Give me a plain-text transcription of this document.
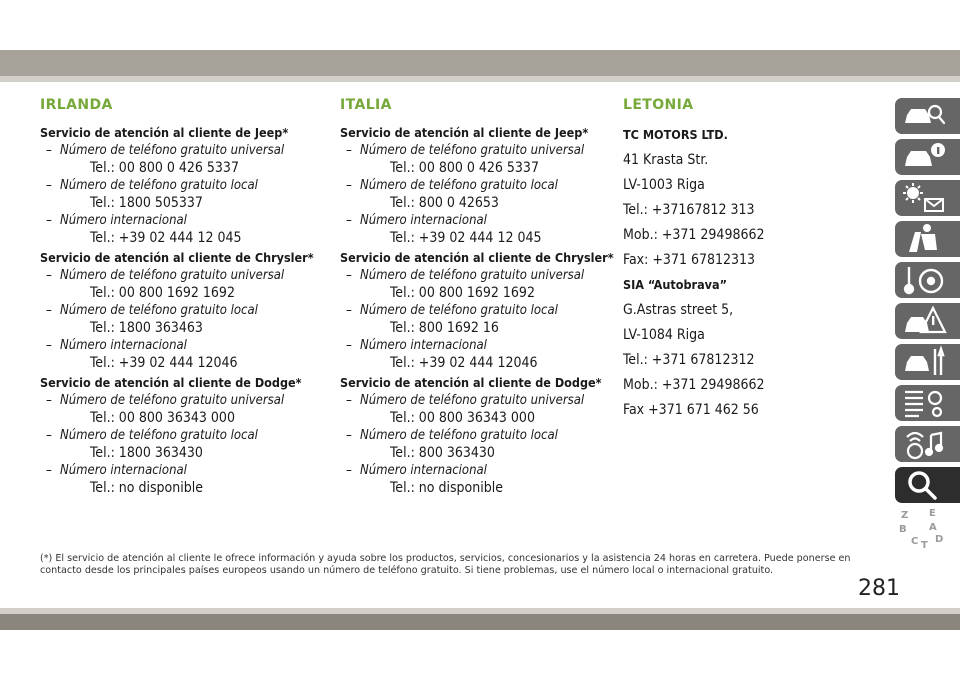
IRLANDA
Servicio de atención al cliente de Jeep*
– Número de teléfono gratuito universal
Tel.: 00 800 0 426 5337
– Número de teléfono gratuito local
Tel.: 1800 505337
– Número internacional
Tel.: +39 02 444 12 045
Servicio de atención al cliente de Chrysler*
– Número de teléfono gratuito universal
Tel.: 00 800 1692 1692
– Número de teléfono gratuito local
Tel.: 1800 363463
– Número internacional
Tel.: +39 02 444 12046
Servicio de atención al cliente de Dodge*
– Número de teléfono gratuito universal
Tel.: 00 800 36343 000
– Número de teléfono gratuito local
Tel.: 1800 363430
– Número internacional
Tel.: no disponible
ITALIA
Servicio de atención al cliente de Jeep*
– Número de teléfono gratuito universal
Tel.: 00 800 0 426 5337
– Número de teléfono gratuito local
Tel.: 800 0 42653
– Número internacional
Tel.: +39 02 444 12 045
Servicio de atención al cliente de Chrysler*
– Número de teléfono gratuito universal
Tel.: 00 800 1692 1692
– Número de teléfono gratuito local
Tel.: 800 1692 16
– Número internacional
Tel.: +39 02 444 12046
Servicio de atención al cliente de Dodge*
– Número de teléfono gratuito universal
Tel.: 00 800 36343 000
– Número de teléfono gratuito local
Tel.: 800 363430
– Número internacional
Tel.: no disponible
LETONIA
TC MOTORS LTD.
41 Krasta Str.
LV-1003 Riga
Tel.: +37167812 313
Mob.: +371 29498662
Fax: +371 67812313
SIA “Autobrava”
G.Astras street 5,
LV-1084 Riga
Tel.: +371 67812312
Mob.: +371 29498662
Fax +371 671 462 56
(*) El servicio de atención al cliente le ofrece información y ayuda sobre los productos, servicios, concesionarios y la asistencia 24 horas en carretera. Puede ponerse en contacto desde los principales países europeos usando un número de teléfono gratuito. Si tiene problemas, use el número local o internacional gratuito.
281
Z E
B A
C T
D
